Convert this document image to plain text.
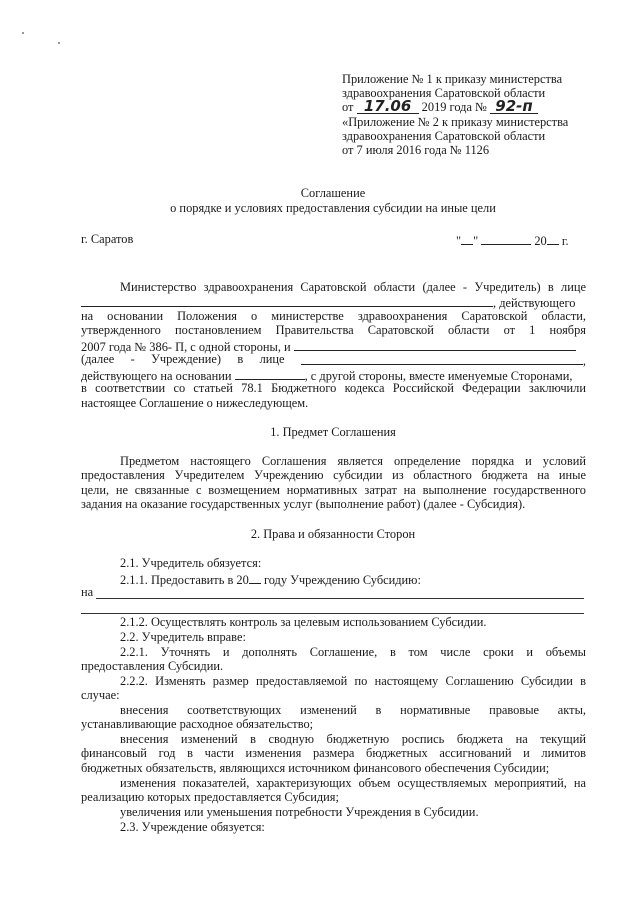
Приложение № 1 к приказу министерства
здравоохранения Саратовской области
от 17.06 2019 года № 92-п
«Приложение № 2 к приказу министерства
здравоохранения Саратовской области
от 7 июля 2016 года № 1126
Соглашение
о порядке и условиях предоставления субсидии на иные цели
г. Саратов	" "	20 г.
Министерство здравоохранения Саратовской области (далее - Учредитель) в лице
, действующего
на основании Положения о министерстве здравоохранения Саратовской области,
утвержденного постановлением Правительства Саратовской области от 1 ноября
2007 года № 386- П, с одной стороны, и
(далее - Учреждение) в лице	,
действующего на основании	, с другой стороны, вместе именуемые Сторонами,
в соответствии со статьей 78.1 Бюджетного кодекса Российской Федерации заключили
настоящее Соглашение о нижеследующем.
1. Предмет Соглашения
Предметом настоящего Соглашения является определение порядка и условий
предоставления Учредителем Учреждению субсидии из областного бюджета на иные
цели, не связанные с возмещением нормативных затрат на выполнение государственного
задания на оказание государственных услуг (выполнение работ) (далее - Субсидия).
2. Права и обязанности Сторон
2.1. Учредитель обязуется:
2.1.1. Предоставить в 20 году Учреждению Субсидию:
на
2.1.2. Осуществлять контроль за целевым использованием Субсидии.
2.2. Учредитель вправе:
2.2.1. Уточнять и дополнять Соглашение, в том числе сроки и объемы
предоставления Субсидии.
2.2.2. Изменять размер предоставляемой по настоящему Соглашению Субсидии в
случае:
внесения соответствующих изменений в нормативные правовые акты,
устанавливающие расходное обязательство;
внесения изменений в сводную бюджетную роспись бюджета на текущий
финансовый год в части изменения размера бюджетных ассигнований и лимитов
бюджетных обязательств, являющихся источником финансового обеспечения Субсидии;
изменения показателей, характеризующих объем осуществляемых мероприятий, на
реализацию которых предоставляется Субсидия;
увеличения или уменьшения потребности Учреждения в Субсидии.
2.3. Учреждение обязуется:
